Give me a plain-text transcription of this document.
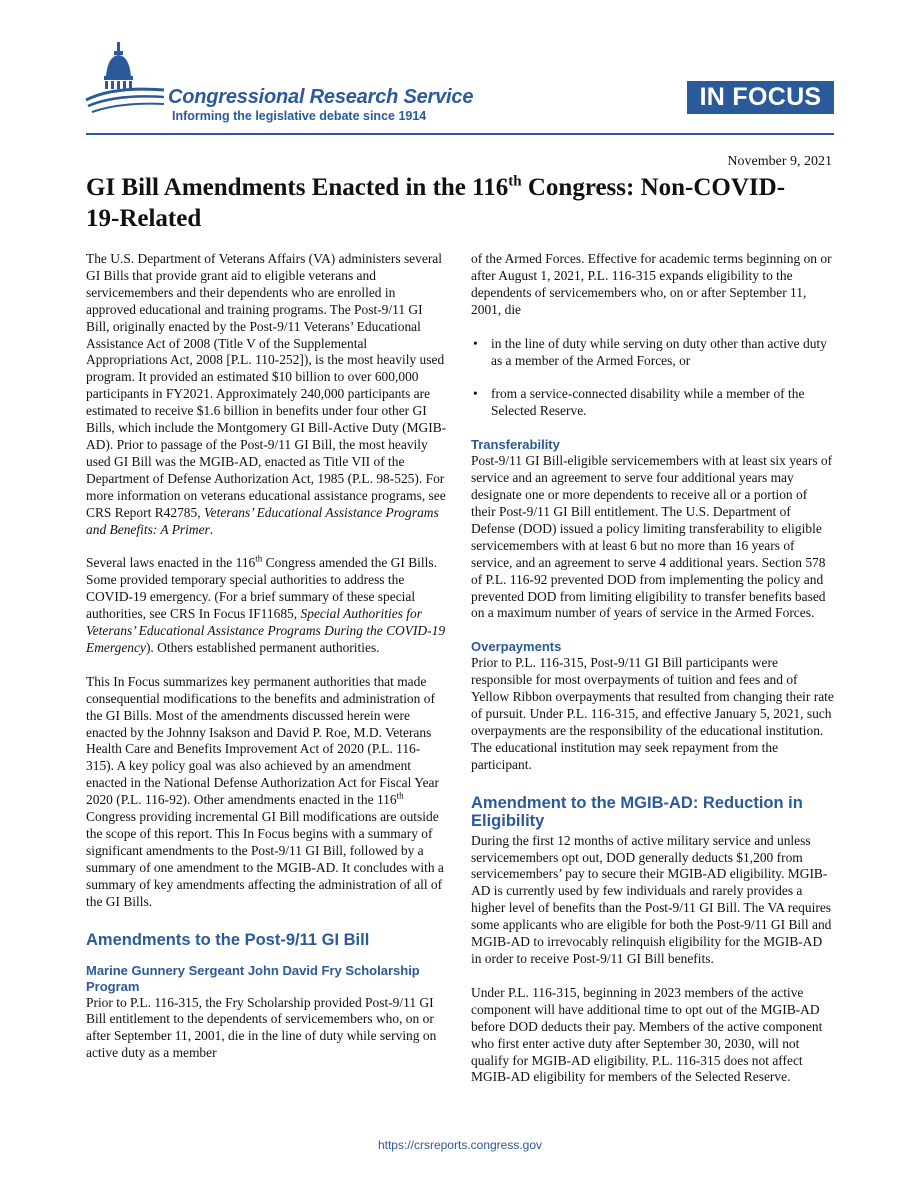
Congressional Research Service
Informing the legislative debate since 1914
IN FOCUS
November 9, 2021
GI Bill Amendments Enacted in the 116th Congress: Non-COVID-19-Related

The U.S. Department of Veterans Affairs (VA) administers several GI Bills that provide grant aid to eligible veterans and servicemembers and their dependents who are enrolled in approved educational and training programs. The Post-9/11 GI Bill, originally enacted by the Post-9/11 Veterans’ Educational Assistance Act of 2008 (Title V of the Supplemental Appropriations Act, 2008 [P.L. 110-252]), is the most heavily used program. It provided an estimated $10 billion to over 600,000 participants in FY2021. Approximately 240,000 participants are estimated to receive $1.6 billion in benefits under four other GI Bills, which include the Montgomery GI Bill-Active Duty (MGIB-AD). Prior to passage of the Post-9/11 GI Bill, the most heavily used GI Bill was the MGIB-AD, enacted as Title VII of the Department of Defense Authorization Act, 1985 (P.L. 98-525). For more information on veterans educational assistance programs, see CRS Report R42785, Veterans’ Educational Assistance Programs and Benefits: A Primer.

Several laws enacted in the 116th Congress amended the GI Bills. Some provided temporary special authorities to address the COVID-19 emergency. (For a brief summary of these special authorities, see CRS In Focus IF11685, Special Authorities for Veterans’ Educational Assistance Programs During the COVID-19 Emergency). Others established permanent authorities.

This In Focus summarizes key permanent authorities that made consequential modifications to the benefits and administration of the GI Bills. Most of the amendments discussed herein were enacted by the Johnny Isakson and David P. Roe, M.D. Veterans Health Care and Benefits Improvement Act of 2020 (P.L. 116-315). A key policy goal was also achieved by an amendment enacted in the National Defense Authorization Act for Fiscal Year 2020 (P.L. 116-92). Other amendments enacted in the 116th Congress providing incremental GI Bill modifications are outside the scope of this report. This In Focus begins with a summary of significant amendments to the Post-9/11 GI Bill, followed by a summary of one amendment to the MGIB-AD. It concludes with a summary of key amendments affecting the administration of all of the GI Bills.

Amendments to the Post-9/11 GI Bill
Marine Gunnery Sergeant John David Fry Scholarship Program

Prior to P.L. 116-315, the Fry Scholarship provided Post-9/11 GI Bill entitlement to the dependents of servicemembers who, on or after September 11, 2001, die in the line of duty while serving on active duty as a member

of the Armed Forces. Effective for academic terms beginning on or after August 1, 2021, P.L. 116-315 expands eligibility to the dependents of servicemembers who, on or after September 11, 2001, die

• in the line of duty while serving on duty other than active duty as a member of the Armed Forces, or
• from a service-connected disability while a member of the Selected Reserve.
Transferability

Post-9/11 GI Bill-eligible servicemembers with at least six years of service and an agreement to serve four additional years may designate one or more dependents to receive all or a portion of their Post-9/11 GI Bill entitlement. The U.S. Department of Defense (DOD) issued a policy limiting transferability to eligible servicemembers with at least 6 but no more than 16 years of service, and an agreement to serve 4 additional years. Section 578 of P.L. 116-92 prevented DOD from implementing the policy and prevented DOD from limiting eligibility to transfer benefits based on a maximum number of years of service in the Armed Forces.

Overpayments

Prior to P.L. 116-315, Post-9/11 GI Bill participants were responsible for most overpayments of tuition and fees and of Yellow Ribbon overpayments that resulted from changing their rate of pursuit. Under P.L. 116-315, and effective January 5, 2021, such overpayments are the responsibility of the educational institution. The educational institution may seek repayment from the participant.

Amendment to the MGIB-AD: Reduction in Eligibility

During the first 12 months of active military service and unless servicemembers opt out, DOD generally deducts $1,200 from servicemembers’ pay to secure their MGIB-AD eligibility. MGIB-AD is currently used by few individuals and rarely provides a higher level of benefits than the Post-9/11 GI Bill. The VA requires some applicants who are eligible for both the Post-9/11 GI Bill and MGIB-AD to irrevocably relinquish eligibility for the MGIB-AD in order to receive Post-9/11 GI Bill benefits.

Under P.L. 116-315, beginning in 2023 members of the active component will have additional time to opt out of the MGIB-AD before DOD deducts their pay. Members of the active component who first enter active duty after September 30, 2030, will not qualify for MGIB-AD eligibility. P.L. 116-315 does not affect MGIB-AD eligibility for members of the Selected Reserve.

https://crsreports.congress.gov
